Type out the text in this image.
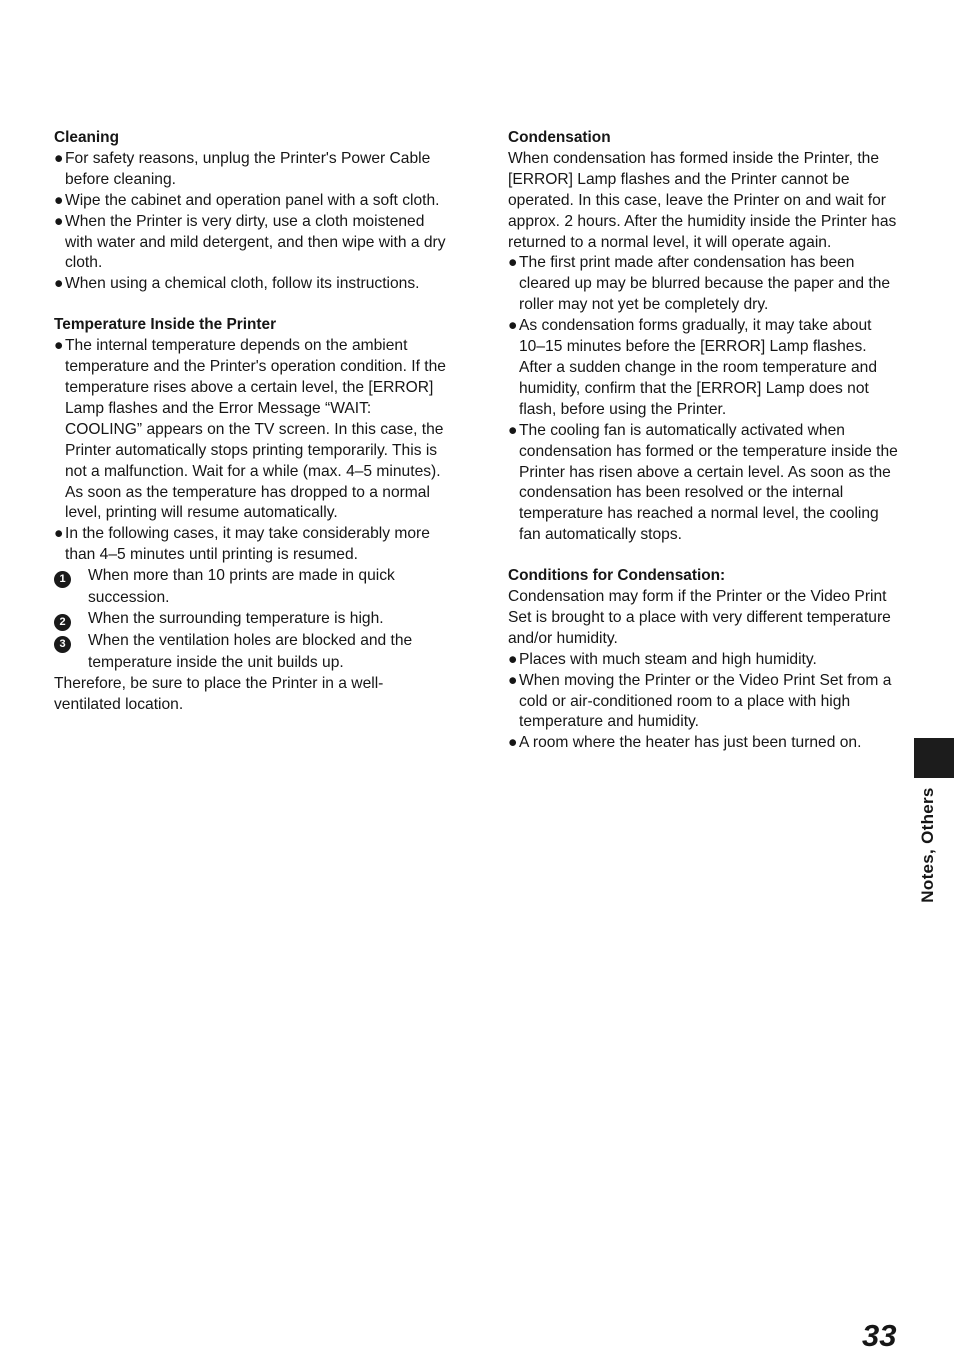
Cleaning

● For safety reasons, unplug the Printer's Power Cable before cleaning.

● Wipe the cabinet and operation panel with a soft cloth.

● When the Printer is very dirty, use a cloth moistened with water and mild detergent, and then wipe with a dry cloth.

● When using a chemical cloth, follow its instructions.

Temperature Inside the Printer

● The internal temperature depends on the ambient temperature and the Printer's operation condition. If the temperature rises above a certain level, the [ERROR] Lamp flashes and the Error Message “WAIT: COOLING” appears on the TV screen. In this case, the Printer automatically stops printing temporarily. This is not a malfunction. Wait for a while (max. 4–5 minutes). As soon as the temperature has dropped to a normal level, printing will resume automatically.

● In the following cases, it may take considerably more than 4–5 minutes until printing is resumed.

1 When more than 10 prints are made in quick succession.

2 When the surrounding temperature is high.

3 When the ventilation holes are blocked and the temperature inside the unit builds up.

Therefore, be sure to place the Printer in a well-ventilated location.

Condensation

When condensation has formed inside the Printer, the [ERROR] Lamp flashes and the Printer cannot be operated. In this case, leave the Printer on and wait for approx. 2 hours. After the humidity inside the Printer has returned to a normal level, it will operate again.

● The first print made after condensation has been cleared up may be blurred because the paper and the roller may not yet be completely dry.

● As condensation forms gradually, it may take about 10–15 minutes before the [ERROR] Lamp flashes.

After a sudden change in the room temperature and humidity, confirm that the [ERROR] Lamp does not flash, before using the Printer.

● The cooling fan is automatically activated when condensation has formed or the temperature inside the Printer has risen above a certain level. As soon as the condensation has been resolved or the internal temperature has reached a normal level, the cooling fan automatically stops.

Conditions for Condensation:

Condensation may form if the Printer or the Video Print Set is brought to a place with very different temperature and/or humidity.

● Places with much steam and high humidity.

● When moving the Printer or the Video Print Set from a cold or air-conditioned room to a place with high temperature and humidity.

● A room where the heater has just been turned on.

Notes, Others
33
